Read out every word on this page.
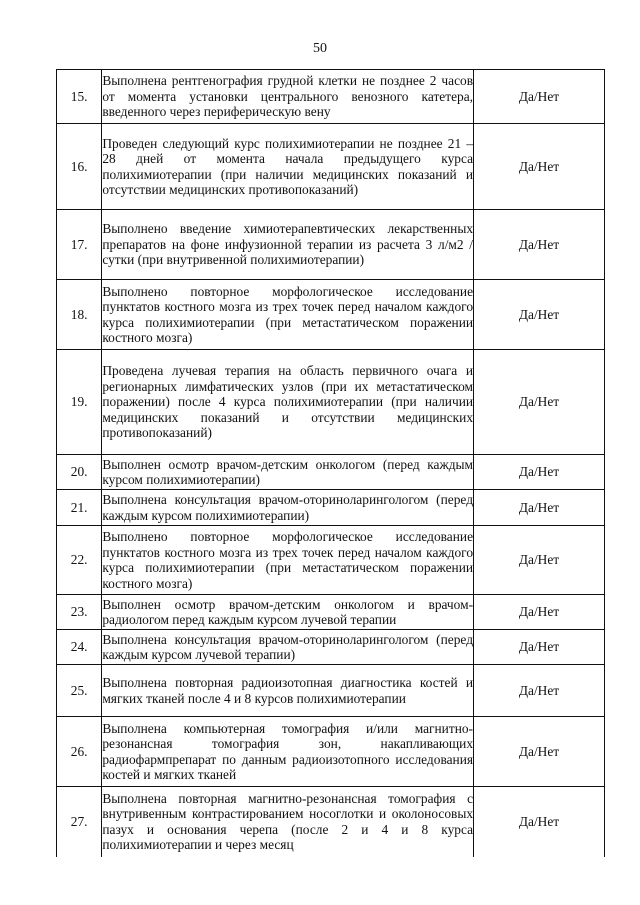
50
15.	Выполнена рентгенография грудной клетки не позднее 2 часов от момента установки центрального венозного катетера, введенного через периферическую вену	Да/Нет
16.	Проведен следующий курс полихимиотерапии не позднее 21 – 28 дней от момента начала предыдущего курса полихимиотерапии (при наличии медицинских показаний и отсутствии медицинских противопоказаний)	Да/Нет
17.	Выполнено введение химиотерапевтических лекарственных препаратов на фоне инфузионной терапии из расчета 3 л/м2 /сутки (при внутривенной полихимиотерапии)	Да/Нет
18.	Выполнено повторное морфологическое исследование пунктатов костного мозга из трех точек перед началом каждого курса полихимиотерапии (при метастатическом поражении костного мозга)	Да/Нет
19.	Проведена лучевая терапия на область первичного очага и регионарных лимфатических узлов (при их метастатическом поражении) после 4 курса полихимиотерапии (при наличии медицинских показаний и отсутствии медицинских противопоказаний)	Да/Нет
20.	Выполнен осмотр врачом-детским онкологом (перед каждым курсом полихимиотерапии)	Да/Нет
21.	Выполнена консультация врачом-оториноларингологом (перед каждым курсом полихимиотерапии)	Да/Нет
22.	Выполнено повторное морфологическое исследование пунктатов костного мозга из трех точек перед началом каждого курса полихимиотерапии (при метастатическом поражении костного мозга)	Да/Нет
23.	Выполнен осмотр врачом-детским онкологом и врачом-радиологом перед каждым курсом лучевой терапии	Да/Нет
24.	Выполнена консультация врачом-оториноларингологом (перед каждым курсом лучевой терапии)	Да/Нет
25.	Выполнена повторная радиоизотопная диагностика костей и мягких тканей после 4 и 8 курсов полихимиотерапии	Да/Нет
26.	Выполнена компьютерная томография и/или магнитно-резонансная томография зон, накапливающих радиофармпрепарат по данным радиоизотопного исследования костей и мягких тканей	Да/Нет
27.	Выполнена повторная магнитно-резонансная томография с внутривенным контрастированием носоглотки и околоносовых пазух и основания черепа (после 2 и 4 и 8 курса полихимиотерапии и через месяц	Да/Нет
